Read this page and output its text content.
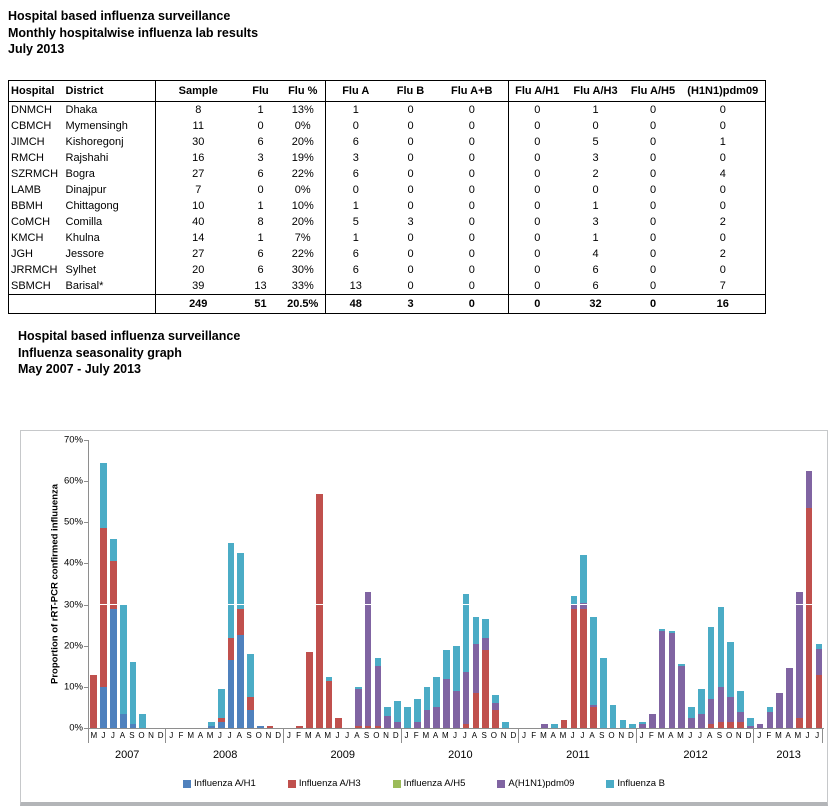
Hospital based influenza surveillance
Monthly hospitalwise influenza lab results
July 2013
Hospital	District	Sample	Flu	Flu %	Flu A	Flu B	Flu A+B	Flu A/H1	Flu A/H3	Flu A/H5	(H1N1)pdm09
DNMCH	Dhaka	8	1	13%	1	0	0	0	1	0	0
CBMCH	Mymensingh	11	0	0%	0	0	0	0	0	0	0
JIMCH	Kishoregonj	30	6	20%	6	0	0	0	5	0	1
RMCH	Rajshahi	16	3	19%	3	0	0	0	3	0	0
SZRMCH	Bogra	27	6	22%	6	0	0	0	2	0	4
LAMB	Dinajpur	7	0	0%	0	0	0	0	0	0	0
BBMH	Chittagong	10	1	10%	1	0	0	0	1	0	0
CoMCH	Comilla	40	8	20%	5	3	0	0	3	0	2
KMCH	Khulna	14	1	7%	1	0	0	0	1	0	0
JGH	Jessore	27	6	22%	6	0	0	0	4	0	2
JRRMCH	Sylhet	20	6	30%	6	0	0	0	6	0	0
SBMCH	Barisal*	39	13	33%	13	0	0	0	6	0	7
		249	51	20.5%	48	3	0	0	32	0	16
Hospital based influenza surveillance
Influenza seasonality graph
May 2007 - July 2013
Proportion of rRT-PCR confirmed influuenza
0%
10%
20%
30%
40%
50%
60%
70%
M J J A S O N D J F M A M J J A S O N D J F M A M J J A S O N D J F M A M J J A S O N D J F M A M J J A S O N D J F M A M J J A S O N D J F M A M J J
2007	2008	2009	2010	2011	2012	2013
Influenza A/H1	Influenza A/H3	Influenza A/H5	A(H1N1)pdm09	Influenza B
